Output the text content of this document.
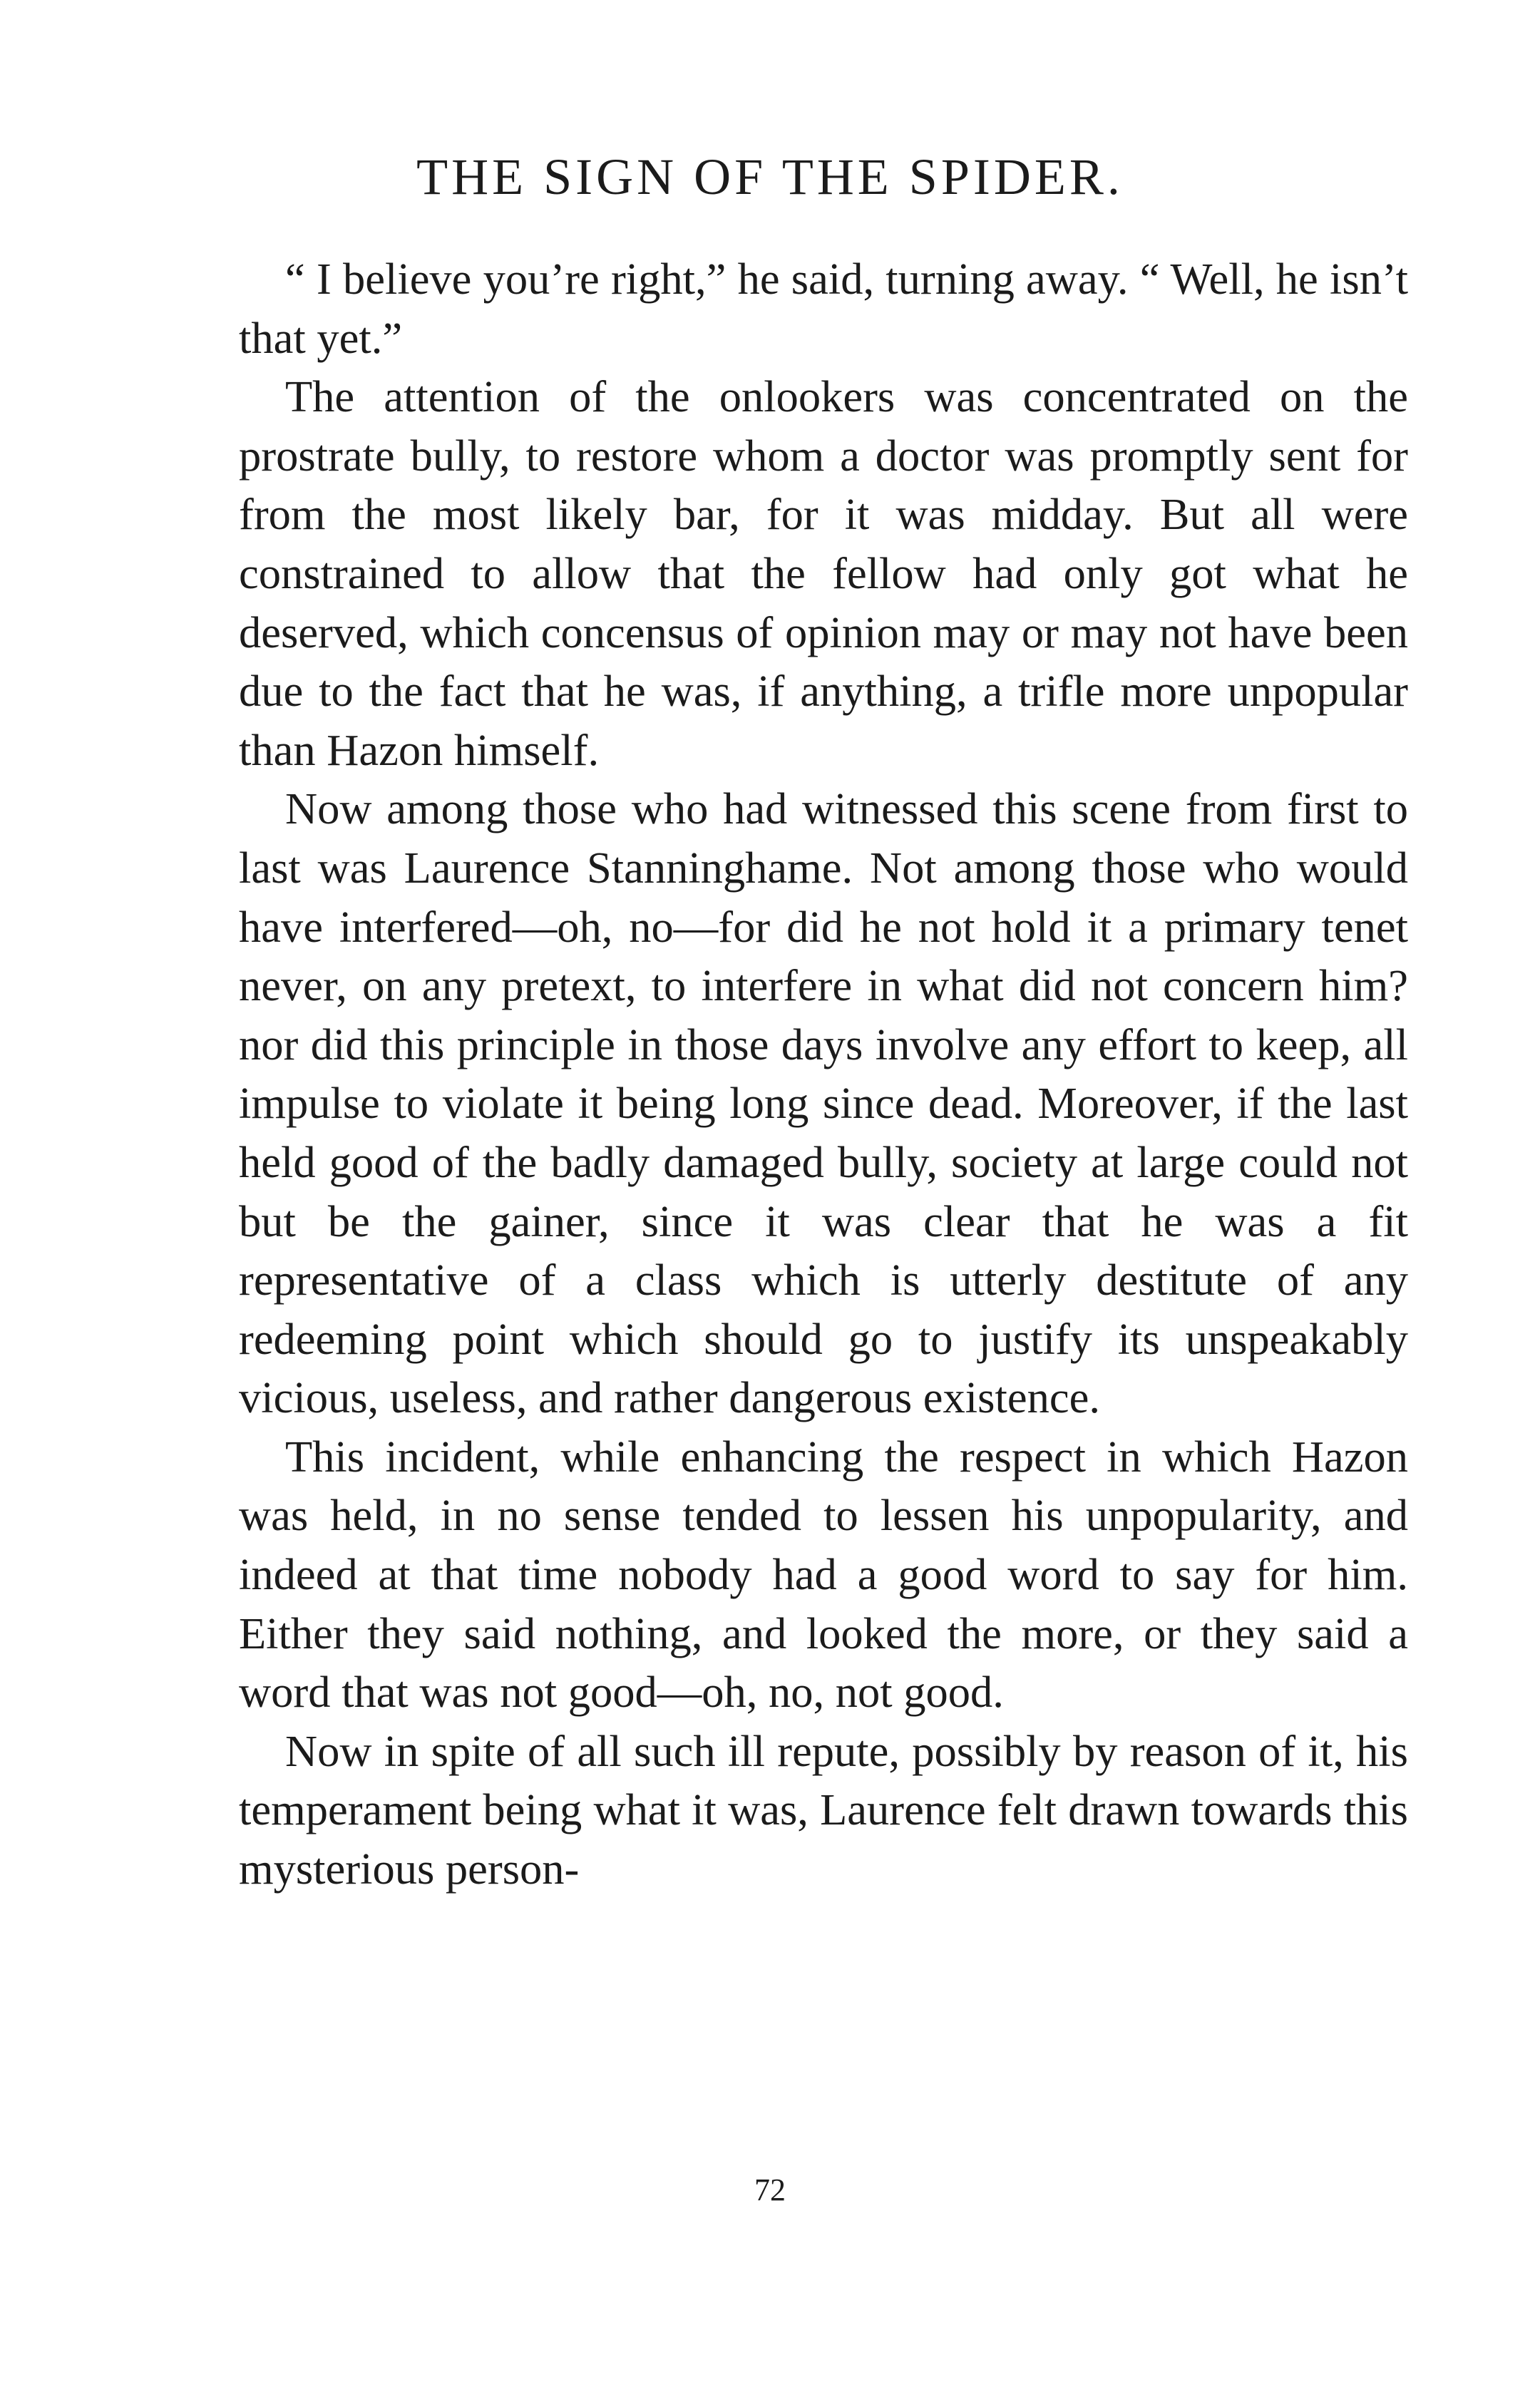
THE SIGN OF THE SPIDER.

“ I believe you’re right,” he said, turning away. “ Well, he isn’t that yet.”

The attention of the onlookers was concentrated on the prostrate bully, to restore whom a doctor was promptly sent for from the most likely bar, for it was midday. But all were constrained to allow that the fellow had only got what he deserved, which concensus of opinion may or may not have been due to the fact that he was, if anything, a trifle more unpopular than Hazon himself.

Now among those who had witnessed this scene from first to last was Laurence Stanninghame. Not among those who would have interfered—oh, no—for did he not hold it a primary tenet never, on any pretext, to interfere in what did not concern him? nor did this principle in those days involve any effort to keep, all impulse to violate it being long since dead. Moreover, if the last held good of the badly damaged bully, society at large could not but be the gainer, since it was clear that he was a fit representative of a class which is utterly destitute of any redeeming point which should go to justify its unspeakably vicious, useless, and rather dangerous existence.

This incident, while enhancing the respect in which Hazon was held, in no sense tended to lessen his unpopularity, and indeed at that time nobody had a good word to say for him. Either they said nothing, and looked the more, or they said a word that was not good—oh, no, not good.

Now in spite of all such ill repute, possibly by reason of it, his temperament being what it was, Laurence felt drawn towards this mysterious person-

72
